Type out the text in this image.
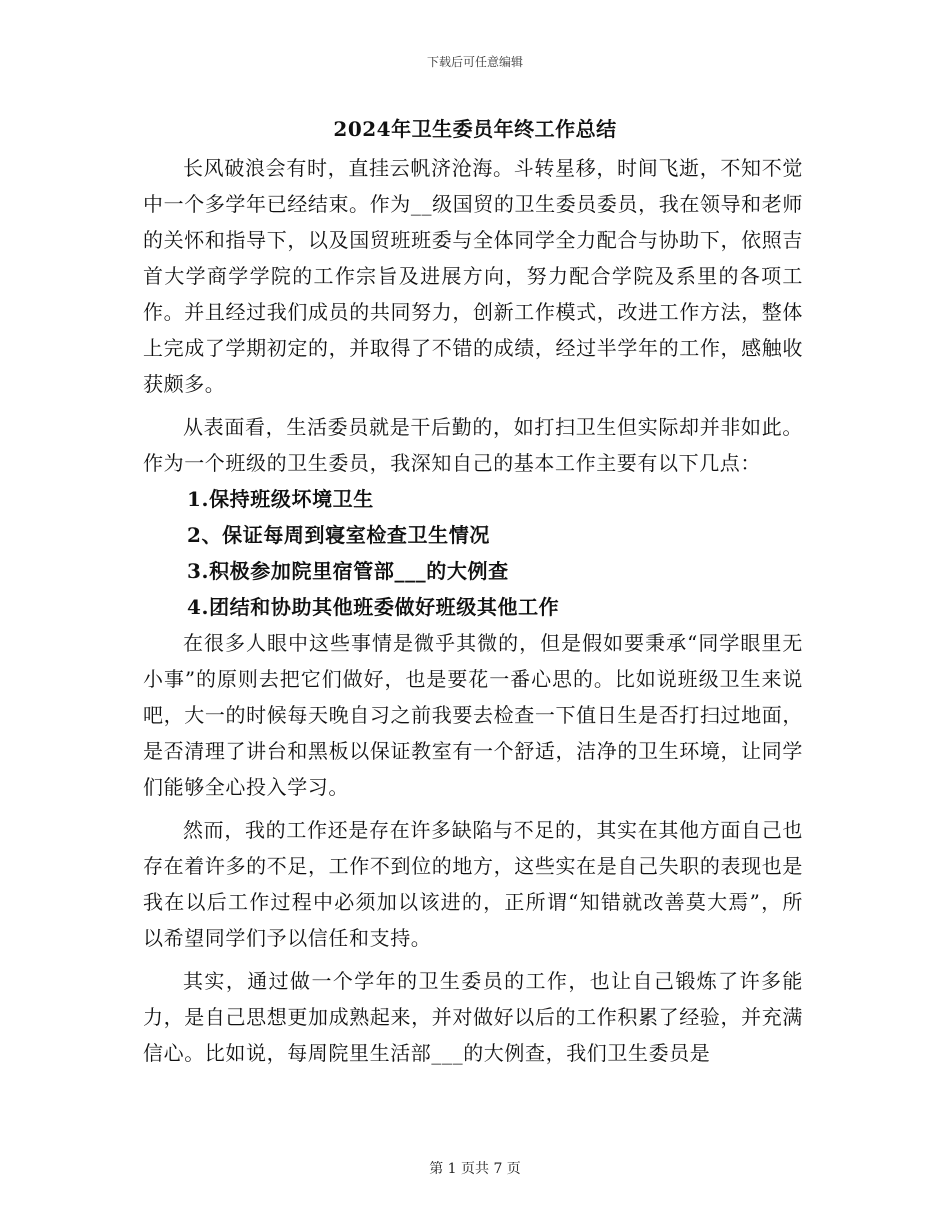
下载后可任意编辑
2024年卫生委员年终工作总结

长风破浪会有时，直挂云帆济沧海。斗转星移，时间飞逝，不知不觉中一个多学年已经结束。作为__级国贸的卫生委员委员，我在领导和老师的关怀和指导下，以及国贸班班委与全体同学全力配合与协助下，依照吉首大学商学学院的工作宗旨及进展方向，努力配合学院及系里的各项工作。并且经过我们成员的共同努力，创新工作模式，改进工作方法，整体上完成了学期初定的，并取得了不错的成绩，经过半学年的工作，感触收获颇多。

从表面看，生活委员就是干后勤的，如打扫卫生但实际却并非如此。作为一个班级的卫生委员，我深知自己的基本工作主要有以下几点：

1.保持班级坏境卫生

2、保证每周到寝室检查卫生情况

3.积极参加院里宿管部___的大例查

4.团结和协助其他班委做好班级其他工作

在很多人眼中这些事情是微乎其微的，但是假如要秉承“同学眼里无小事”的原则去把它们做好，也是要花一番心思的。比如说班级卫生来说吧，大一的时候每天晚自习之前我要去检查一下值日生是否打扫过地面，是否清理了讲台和黑板以保证教室有一个舒适，洁净的卫生环境，让同学们能够全心投入学习。

然而，我的工作还是存在许多缺陷与不足的，其实在其他方面自己也存在着许多的不足，工作不到位的地方，这些实在是自己失职的表现也是我在以后工作过程中必须加以该进的，正所谓“知错就改善莫大焉”，所以希望同学们予以信任和支持。

其实，通过做一个学年的卫生委员的工作，也让自己锻炼了许多能力，是自己思想更加成熟起来，并对做好以后的工作积累了经验，并充满信心。比如说，每周院里生活部___的大例查，我们卫生委员是

第 1 页共 7 页
